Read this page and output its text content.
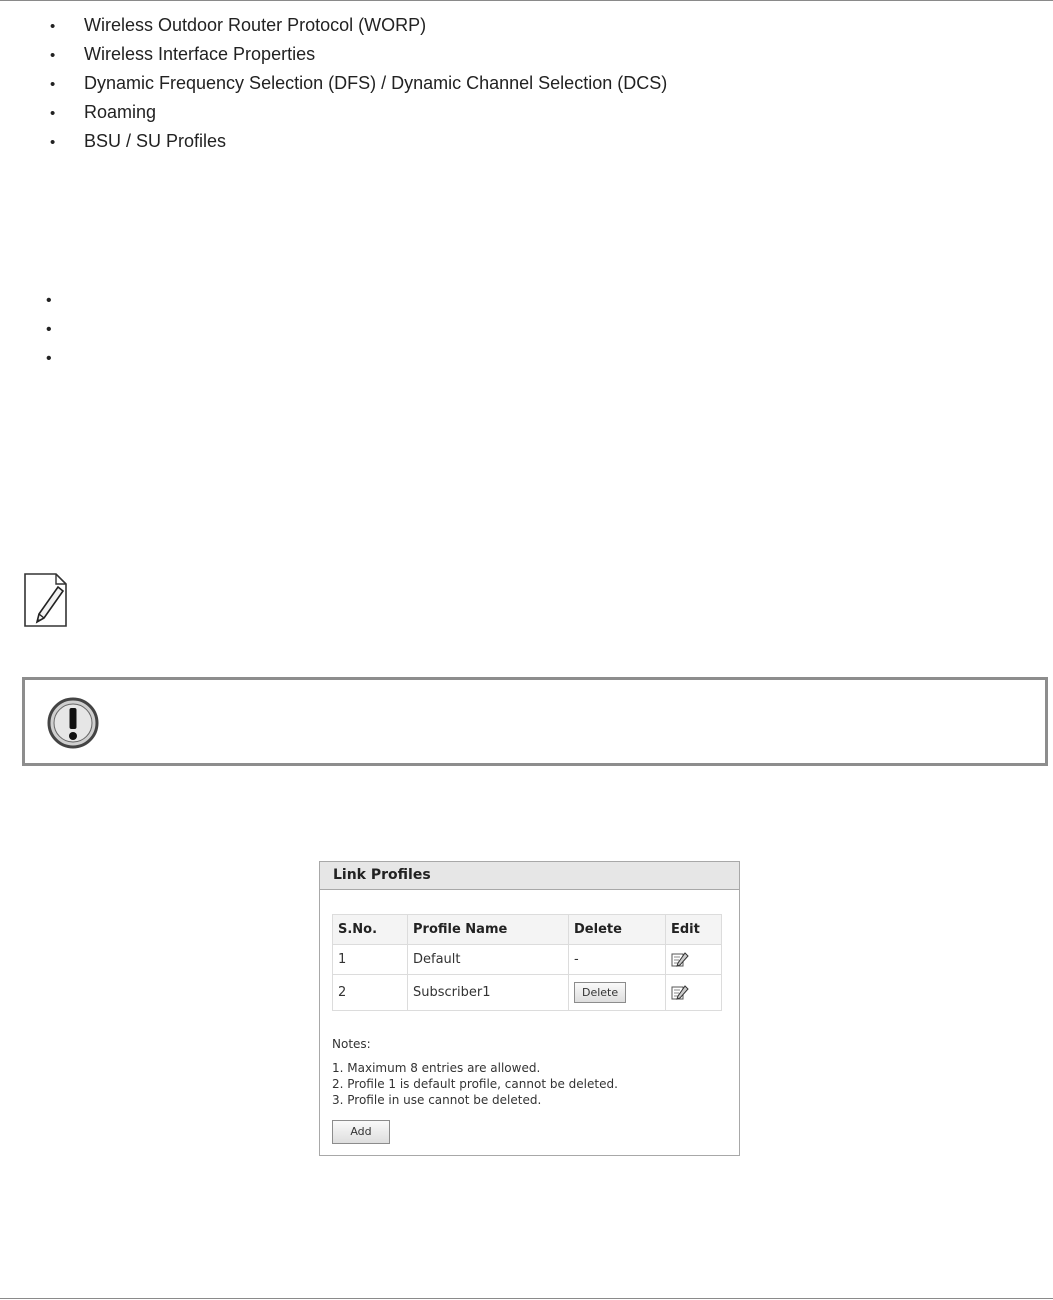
• Wireless Outdoor Router Protocol (WORP)
• Wireless Interface Properties
• Dynamic Frequency Selection (DFS) / Dynamic Channel Selection (DCS)
• Roaming
• BSU / SU Profiles
•
•
•
Link Profiles
S.No.	Profile Name	Delete	Edit
1	Default	-	
2	Subscriber1	Delete	
Notes:
1. Maximum 8 entries are allowed.
2. Profile 1 is default profile, cannot be deleted.
3. Profile in use cannot be deleted.
Add
